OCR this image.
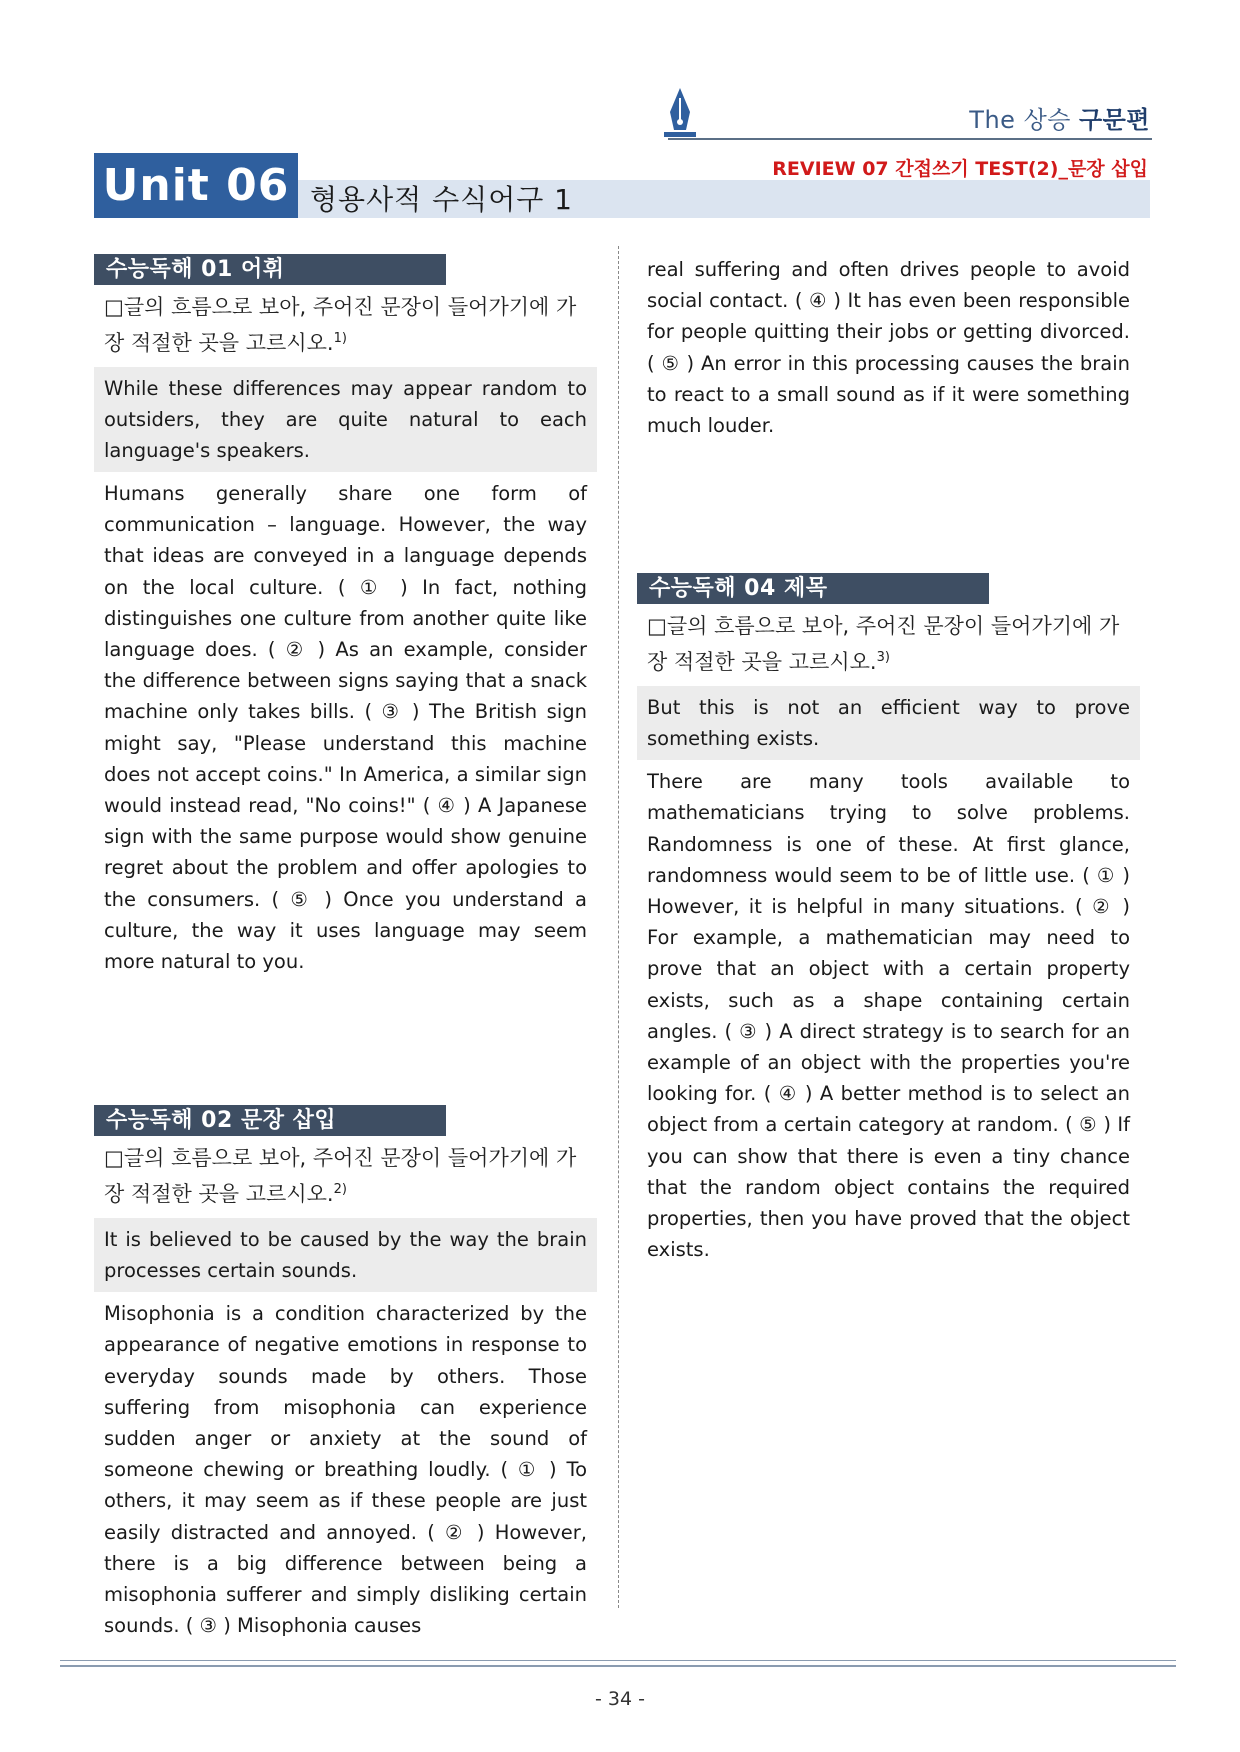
The 상승 구문편
REVIEW 07 간접쓰기 TEST(2)_문장 삽입
Unit 06 형용사적 수식어구 1
수능독해 01 어휘
□글의 흐름으로 보아, 주어진 문장이 들어가기에 가장 적절한 곳을 고르시오.$^{1)}$
While these differences may appear random to outsiders, they are quite natural to each language's speakers.
Humans generally share one form of communication – language. However, the way that ideas are conveyed in a language depends on the local culture. ( ① ) In fact, nothing distinguishes one culture from another quite like language does. ( ② ) As an example, consider the difference between signs saying that a snack machine only takes bills. ( ③ ) The British sign might say, "Please understand this machine does not accept coins." In America, a similar sign would instead read, "No coins!" ( ④ ) A Japanese sign with the same purpose would show genuine regret about the problem and offer apologies to the consumers. ( ⑤ ) Once you understand a culture, the way it uses language may seem more natural to you.
수능독해 02 문장 삽입
□글의 흐름으로 보아, 주어진 문장이 들어가기에 가장 적절한 곳을 고르시오.$^{2)}$
It is believed to be caused by the way the brain processes certain sounds.
Misophonia is a condition characterized by the appearance of negative emotions in response to everyday sounds made by others. Those suffering from misophonia can experience sudden anger or anxiety at the sound of someone chewing or breathing loudly. ( ① ) To others, it may seem as if these people are just easily distracted and annoyed. ( ② ) However, there is a big difference between being a misophonia sufferer and simply disliking certain sounds. ( ③ ) Misophonia causes
real suffering and often drives people to avoid social contact. ( ④ ) It has even been responsible for people quitting their jobs or getting divorced. ( ⑤ ) An error in this processing causes the brain to react to a small sound as if it were something much louder.
수능독해 04 제목
□글의 흐름으로 보아, 주어진 문장이 들어가기에 가장 적절한 곳을 고르시오.$^{3)}$
But this is not an efficient way to prove something exists.
There are many tools available to mathematicians trying to solve problems. Randomness is one of these. At first glance, randomness would seem to be of little use. ( ① ) However, it is helpful in many situations. ( ② ) For example, a mathematician may need to prove that an object with a certain property exists, such as a shape containing certain angles. ( ③ ) A direct strategy is to search for an example of an object with the properties you're looking for. ( ④ ) A better method is to select an object from a certain category at random. ( ⑤ ) If you can show that there is even a tiny chance that the random object contains the required properties, then you have proved that the object exists.
- 34 -
